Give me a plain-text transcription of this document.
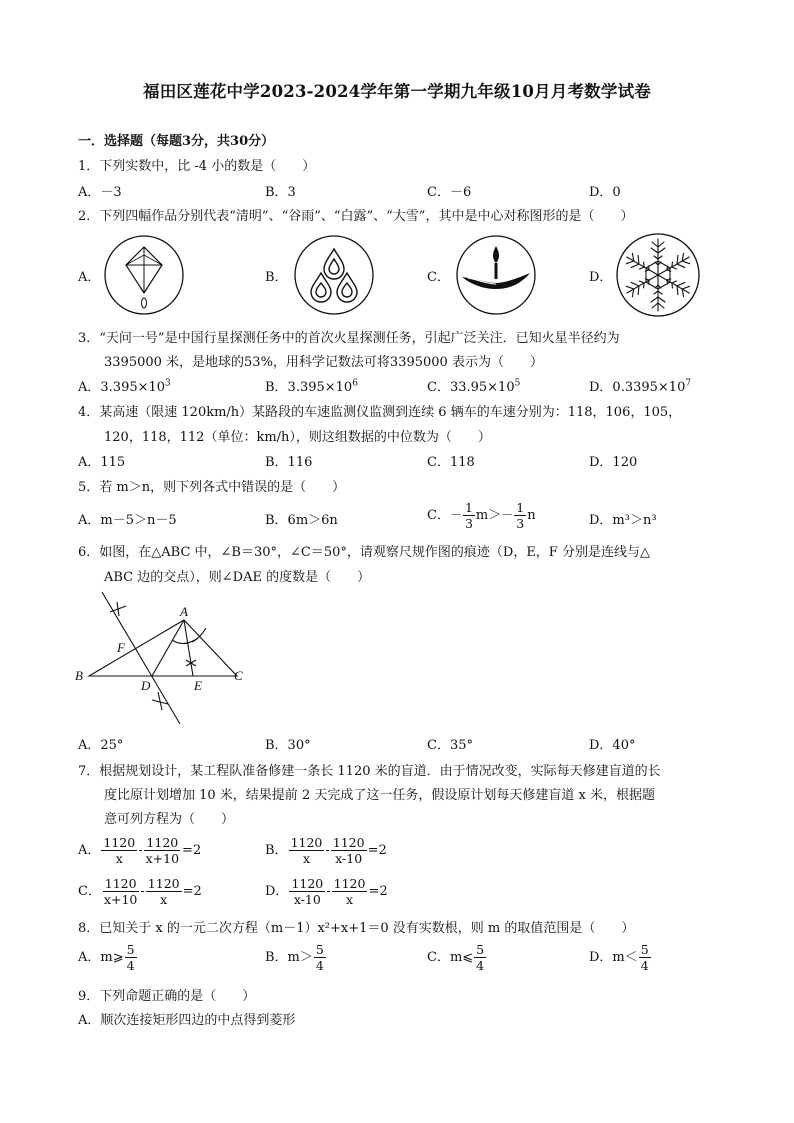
福田区莲花中学2023-2024学年第一学期九年级10月月考数学试卷
一．选择题（每题3分，共30分）
1．下列实数中，比 -4 小的数是（　　）
A．－3	B．3	C．－6	D．0
2．下列四幅作品分别代表“清明”、“谷雨”、“白露”、“大雪”，其中是中心对称图形的是（　　）
A．	B．	C．	D．
3．“天问一号”是中国行星探测任务中的首次火星探测任务，引起广泛关注．已知火星半径约为
3395000 米，是地球的53%，用科学记数法可将3395000 表示为（　　）
A．$3.395\times 10^3$	B．$3.395\times 10^6$	C．$33.95\times 10^5$	D．$0.3395\times 10^7$
4．某高速（限速 120km/h）某路段的车速监测仪监测到连续 6 辆车的车速分别为：118，106，105，
120，118，112（单位：km/h），则这组数据的中位数为（　　）
A．115	B．116	C．118	D．120
5．若 m＞n，则下列各式中错误的是（　　）
A．m－5＞n－5	B．6m＞6n	C．－ $\frac{1}{3} m>- \frac{1}{3}$ n	D．m³＞n³
6．如图，在△ABC 中，∠B＝30°，∠C＝50°，请观察尺规作图的痕迹（D，E，F 分别是连线与△
ABC 边的交点），则∠DAE 的度数是（　　）
A
B	C
D	E
F
A．25°	B．30°	C．35°	D．40°
7．根据规划设计，某工程队准备修建一条长 1120 米的盲道．由于情况改变，实际每天修建盲道的长
度比原计划增加 10 米，结果提前 2 天完成了这一任务，假设原计划每天修建盲道 x 米，根据题
意可列方程为（　　）
A． $\frac{1120}{x} - \frac{1120}{x+10} =2$	B． $\frac{1120}{x} - \frac{1120}{x-10} =2$
C． $\frac{1120}{x+10} - \frac{1120}{x} =2$	D． $\frac{1120}{x-10} - \frac{1120}{x} =2$
8．已知关于 x 的一元二次方程（m－1）x²+x+1＝0 没有实数根，则 m 的取值范围是（　　）
A．m⩾ $\frac{5}{4}$	B．$m> \frac{5}{4}$	C．m⩽ $\frac{5}{4}$	D．$m< \frac{5}{4}$
9．下列命题正确的是（　　）
A．顺次连接矩形四边的中点得到菱形
